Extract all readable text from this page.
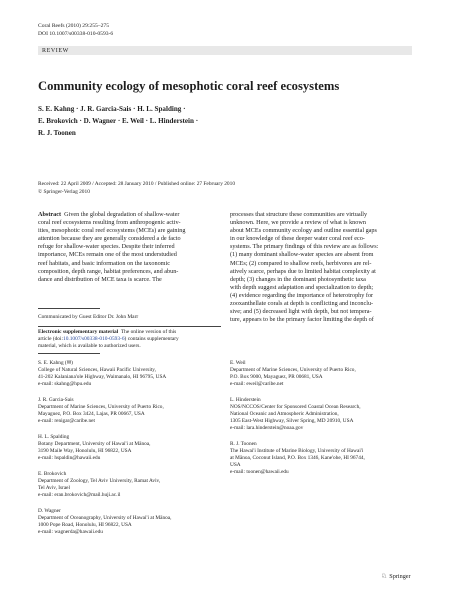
Coral Reefs (2010) 29:255–275
DOI 10.1007/s00338-010-0593-6
REVIEW
Community ecology of mesophotic coral reef ecosystems
S. E. Kahng · J. R. Garcia-Sais · H. L. Spalding ·
E. Brokovich · D. Wagner · E. Weil · L. Hinderstein ·
R. J. Toonen
Received: 22 April 2009 / Accepted: 28 January 2010 / Published online: 27 February 2010
© Springer-Verlag 2010
Abstract Given the global degradation of shallow-water
coral reef ecosystems resulting from anthropogenic activ-
ities, mesophotic coral reef ecosystems (MCEs) are gaining
attention because they are generally considered a de facto
refuge for shallow-water species. Despite their inferred
importance, MCEs remain one of the most understudied
reef habitats, and basic information on the taxonomic
composition, depth range, habitat preferences, and abun-
dance and distribution of MCE taxa is scarce. The
processes that structure these communities are virtually
unknown. Here, we provide a review of what is known
about MCEs community ecology and outline essential gaps
in our knowledge of these deeper water coral reef eco-
systems. The primary findings of this review are as follows:
(1) many dominant shallow-water species are absent from
MCEs; (2) compared to shallow reefs, herbivores are rel-
atively scarce, perhaps due to limited habitat complexity at
depth; (3) changes in the dominant photosynthetic taxa
with depth suggest adaptation and specialization to depth;
(4) evidence regarding the importance of heterotrophy for
zooxanthellate corals at depth is conflicting and inconclu-
sive; and (5) decreased light with depth, but not tempera-
ture, appears to be the primary factor limiting the depth of
Communicated by Guest Editor Dr. John Marr
Electronic supplementary material The online version of this
article (doi:10.1007/s00338-010-0593-6) contains supplementary
material, which is available to authorized users.
S. E. Kahng (✉)
College of Natural Sciences, Hawaii Pacific University,
41-202 Kalaniana'ole Highway, Waimanalo, HI 96795, USA
e-mail: skahng@hpu.edu
J. R. Garcia-Sais
Department of Marine Sciences, University of Puerto Rico,
Mayaguez, P.O. Box 3424, Lajas, PR 00667, USA
e-mail: renigar@caribe.net
H. L. Spalding
Botany Department, University of Hawai'i at Mānoa,
3190 Maile Way, Honolulu, HI 96822, USA
e-mail: hspaldin@hawaii.edu
E. Brokovich
Department of Zoology, Tel Aviv University, Ramat Aviv,
Tel Aviv, Israel
e-mail: eran.brokovich@mail.huji.ac.il
D. Wagner
Department of Oceanography, University of Hawai'i at Mānoa,
1000 Pope Road, Honolulu, HI 96822, USA
e-mail: wagnerda@hawaii.edu
E. Weil
Department of Marine Sciences, University of Puerto Rico,
P.O. Box 9000, Mayaguez, PR 00681, USA
e-mail: eweil@caribe.net
L. Hinderstein
NOS/NCCOS/Center for Sponsored Coastal Ocean Research,
National Oceanic and Atmospheric Administration,
1305 East-West Highway, Silver Spring, MD 20910, USA
e-mail: lara.hinderstein@noaa.gov
R. J. Toonen
The Hawai'i Institute of Marine Biology, University of Hawai'i
at Mānoa, Coconut Island, P.O. Box 1346, Kane'ohe, HI 96744,
USA
e-mail: toonen@hawaii.edu
♘ Springer
